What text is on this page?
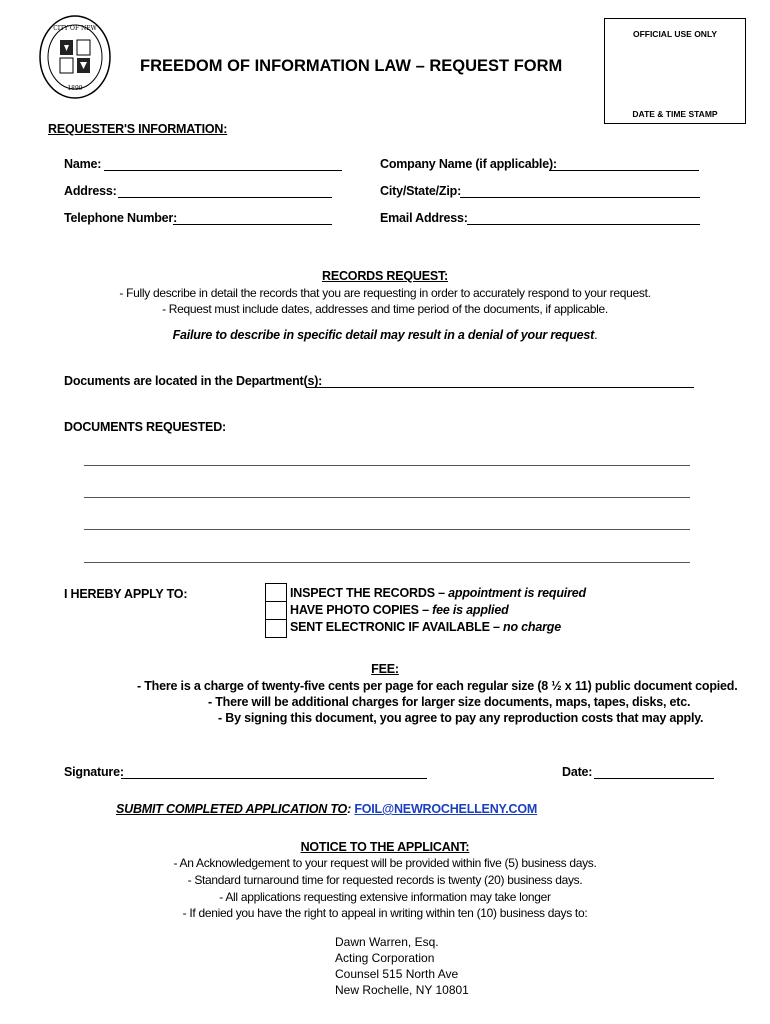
CITY OF NEW
1899
FREEDOM OF INFORMATION LAW – REQUEST FORM
OFFICIAL USE ONLY
DATE & TIME STAMP
REQUESTER'S INFORMATION:
Name:	Company Name (if applicable):
Address:	City/State/Zip:
Telephone Number:	Email Address:
RECORDS REQUEST:
- Fully describe in detail the records that you are requesting in order to accurately respond to your request.
- Request must include dates, addresses and time period of the documents, if applicable.
Failure to describe in specific detail may result in a denial of your request.
Documents are located in the Department(s):
DOCUMENTS REQUESTED:
I HEREBY APPLY TO:	INSPECT THE RECORDS – appointment is required
HAVE PHOTO COPIES – fee is applied
SENT ELECTRONIC IF AVAILABLE – no charge
FEE:
- There is a charge of twenty-five cents per page for each regular size (8 ½ x 11) public document copied.
- There will be additional charges for larger size documents, maps, tapes, disks, etc.
- By signing this document, you agree to pay any reproduction costs that may apply.
Signature:	Date:
SUBMIT COMPLETED APPLICATION TO: FOIL@NEWROCHELLENY.COM
NOTICE TO THE APPLICANT:
- An Acknowledgement to your request will be provided within five (5) business days.
- Standard turnaround time for requested records is twenty (20) business days.
- All applications requesting extensive information may take longer
- If denied you have the right to appeal in writing within ten (10) business days to:
Dawn Warren, Esq.
Acting Corporation
Counsel 515 North Ave
New Rochelle, NY 10801
